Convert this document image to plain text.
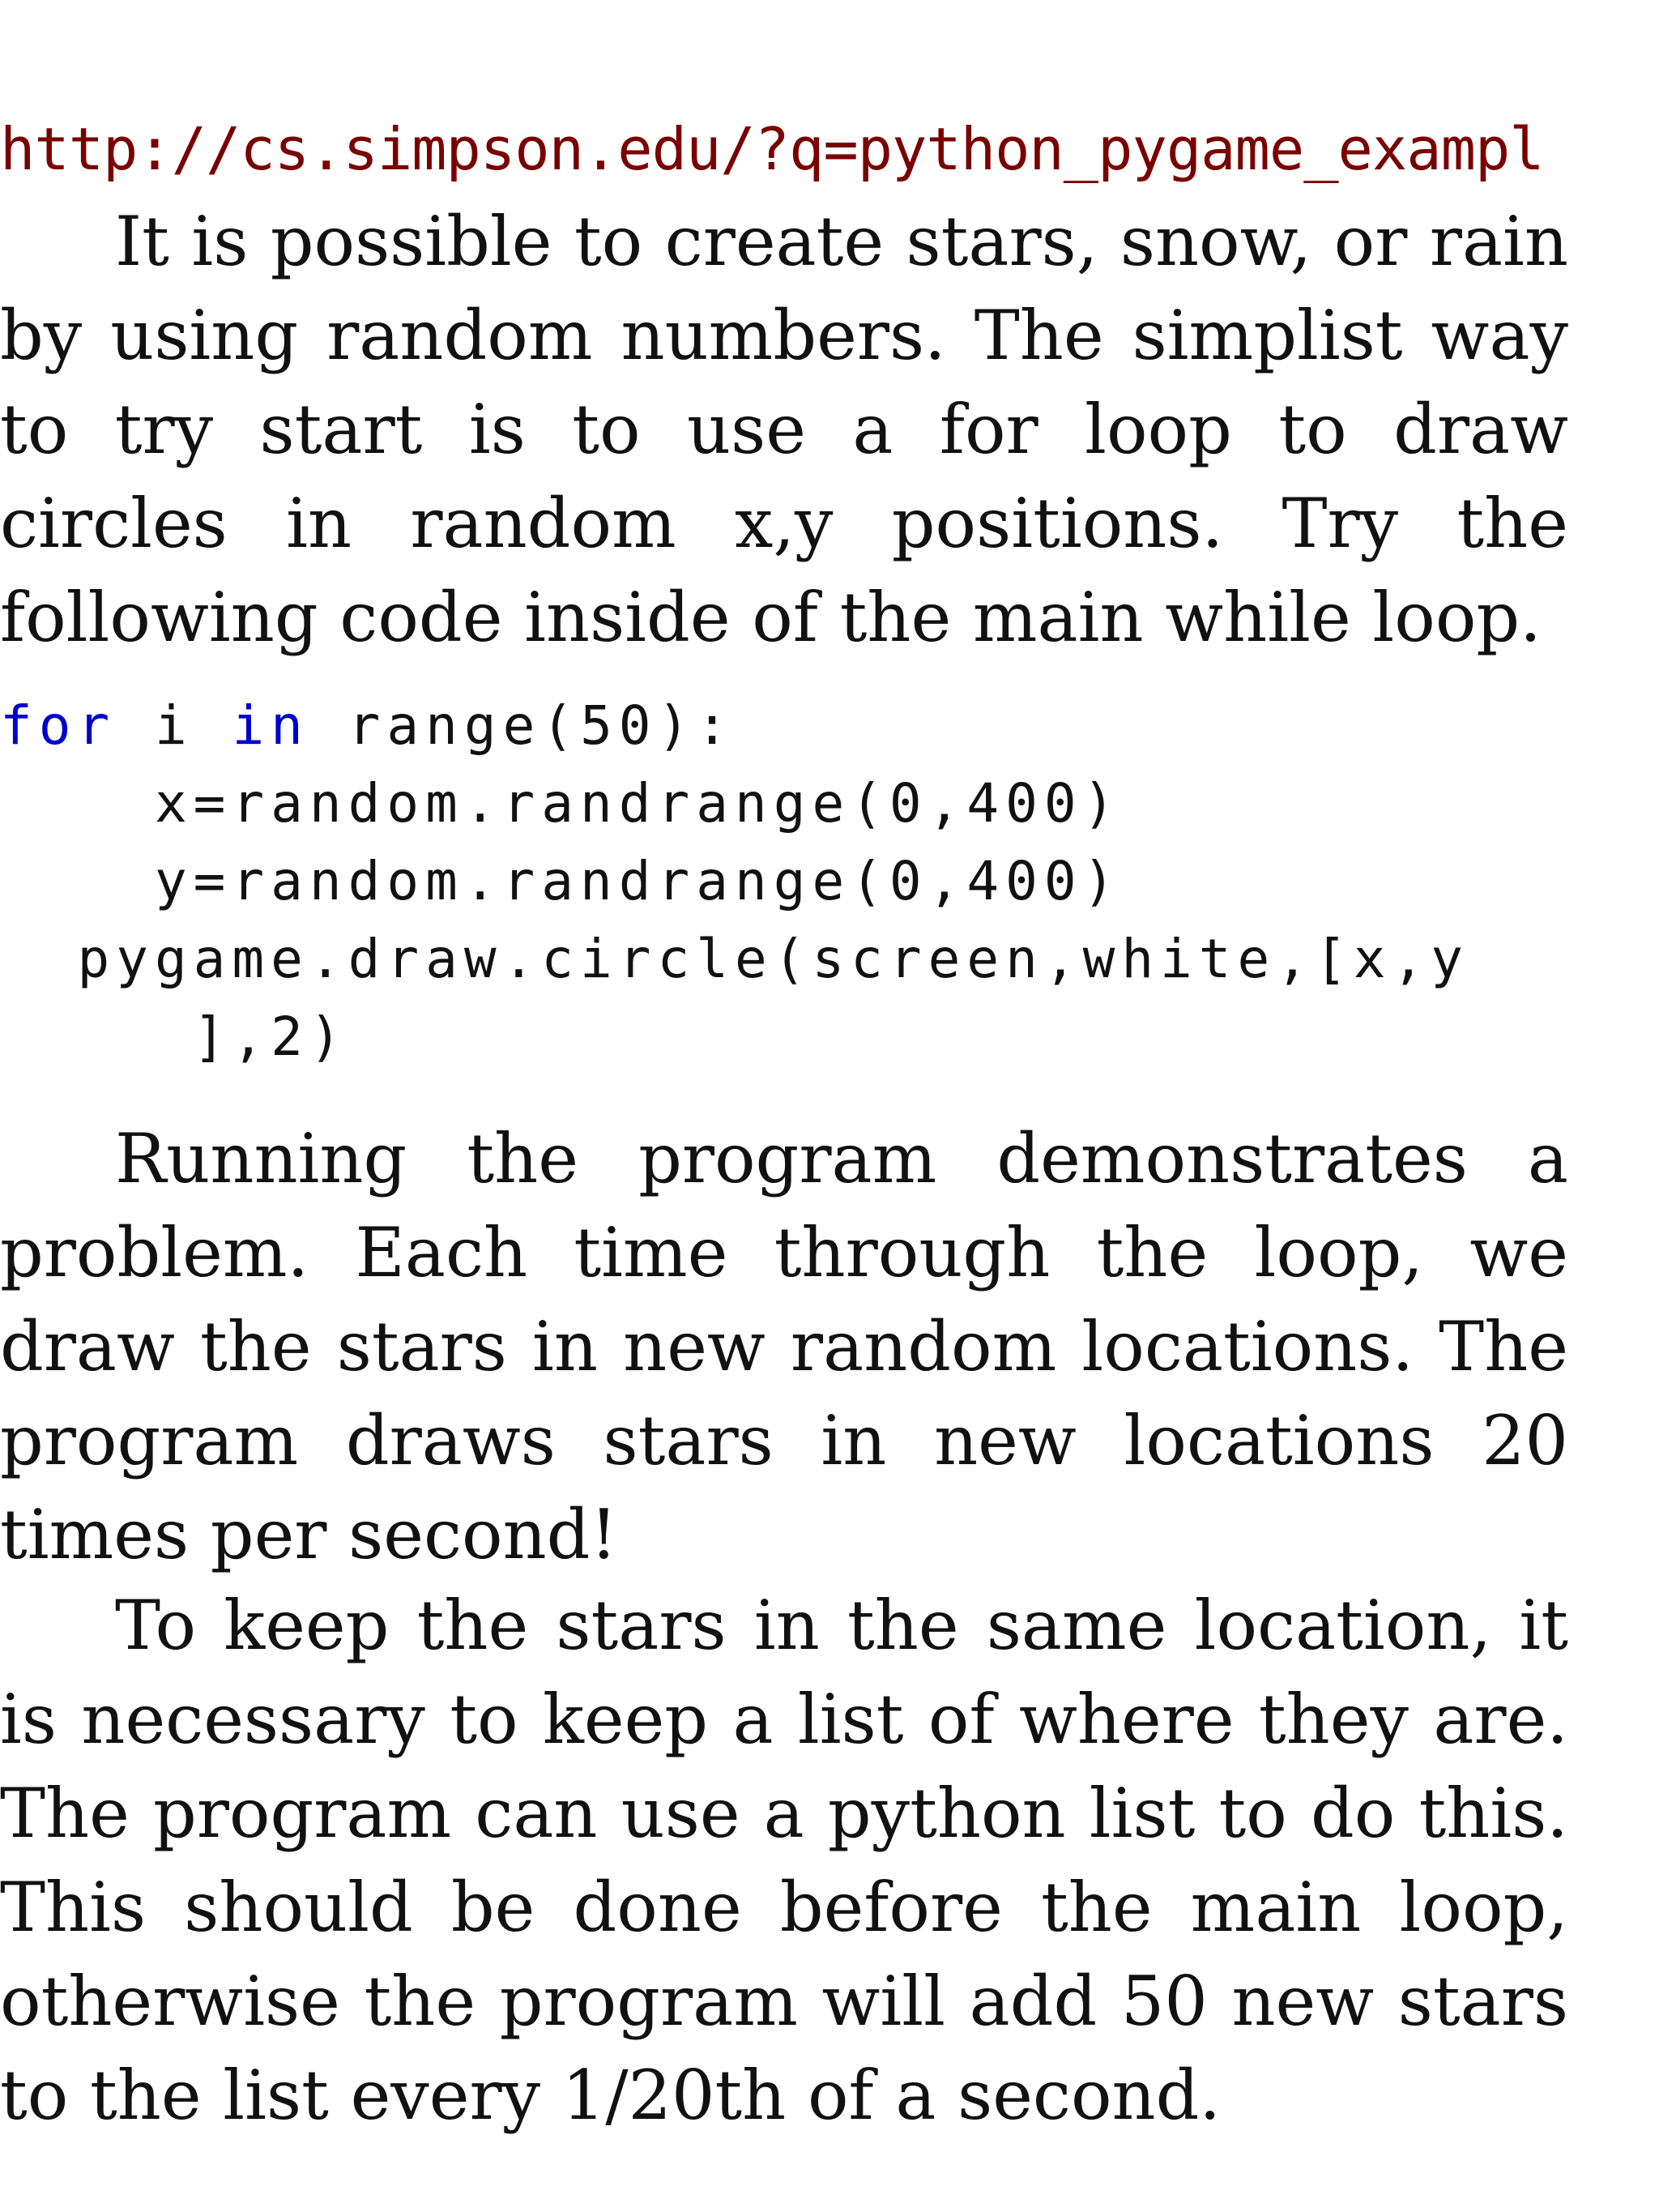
http://cs.simpson.edu/?q=python_pygame_exampl

It is possible to create stars, snow, or rain by using random numbers. The simplist way to try start is to use a for loop to draw circles in random x,y positions. Try the following code inside of the main while loop.

for i in range(50):
x=random.randrange(0,400)
y=random.randrange(0,400)
pygame.draw.circle(screen,white,[x,y
],2)

Running the program demonstrates a problem. Each time through the loop, we draw the stars in new random locations. The program draws stars in new locations 20 times per second!

To keep the stars in the same location, it is necessary to keep a list of where they are. The program can use a python list to do this. This should be done before the main loop, otherwise the program will add 50 new stars to the list every 1/20th of a second.
